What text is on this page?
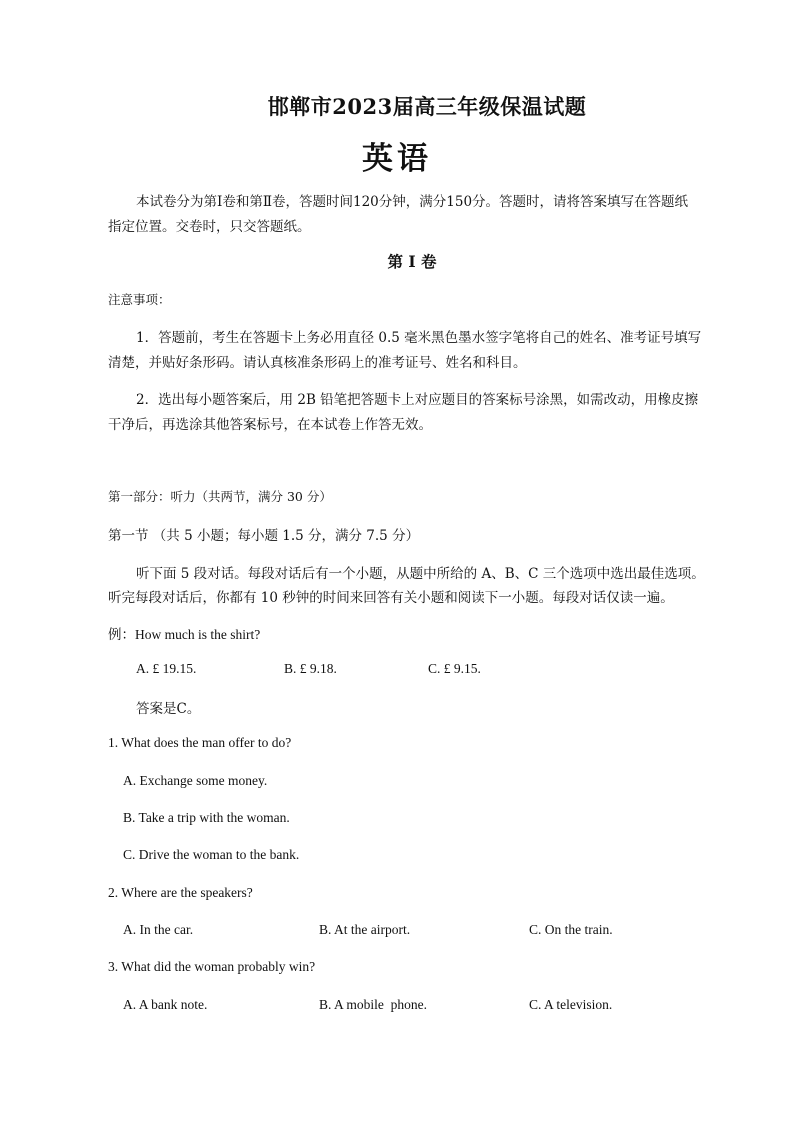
邯郸市2023届高三年级保温试题
英语
本试卷分为第Ⅰ卷和第Ⅱ卷，答题时间120分钟，满分150分。答题时，请将答案填写在答题纸
指定位置。交卷时，只交答题纸。
第 Ⅰ 卷
注意事项：
1．答题前，考生在答题卡上务必用直径 0.5 毫米黑色墨水签字笔将自己的姓名、准考证号填写
清楚，并贴好条形码。请认真核准条形码上的准考证号、姓名和科目。
2．选出每小题答案后，用 2B 铅笔把答题卡上对应题目的答案标号涂黑，如需改动，用橡皮擦
干净后，再选涂其他答案标号，在本试卷上作答无效。
第一部分：听力（共两节，满分 30 分）
第一节 （共 5 小题；每小题 1.5 分，满分 7.5 分）
听下面 5 段对话。每段对话后有一个小题，从题中所给的 A、B、C 三个选项中选出最佳选项。
听完每段对话后，你都有 10 秒钟的时间来回答有关小题和阅读下一小题。每段对话仅读一遍。
例：How much is the shirt?
A. £ 19.15.	B. £ 9.18.	C. £ 9.15.
答案是C。
1. What does the man offer to do?
A. Exchange some money.
B. Take a trip with the woman.
C. Drive the woman to the bank.
2. Where are the speakers?
A. In the car.	B. At the airport.	C. On the train.
3. What did the woman probably win?
A. A bank note.	B. A mobile  phone.	C. A television.
